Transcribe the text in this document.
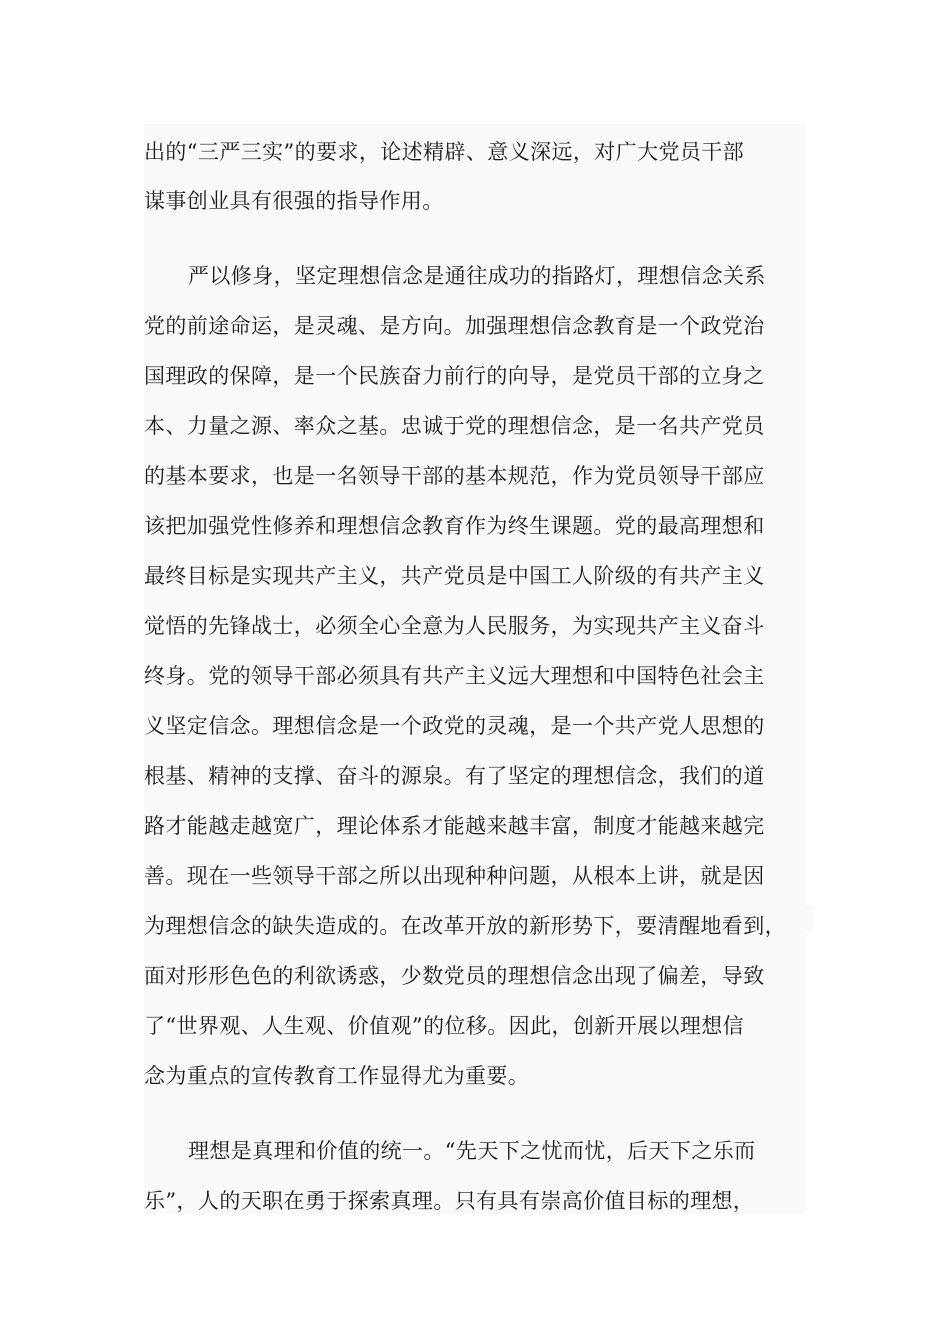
出的“三严三实”的要求，论述精辟、意义深远，对广大党员干部
谋事创业具有很强的指导作用。
严以修身，坚定理想信念是通往成功的指路灯，理想信念关系
党的前途命运，是灵魂、是方向。加强理想信念教育是一个政党治
国理政的保障，是一个民族奋力前行的向导，是党员干部的立身之
本、力量之源、率众之基。忠诚于党的理想信念，是一名共产党员
的基本要求，也是一名领导干部的基本规范，作为党员领导干部应
该把加强党性修养和理想信念教育作为终生课题。党的最高理想和
最终目标是实现共产主义，共产党员是中国工人阶级的有共产主义
觉悟的先锋战士，必须全心全意为人民服务，为实现共产主义奋斗
终身。党的领导干部必须具有共产主义远大理想和中国特色社会主
义坚定信念。理想信念是一个政党的灵魂，是一个共产党人思想的
根基、精神的支撑、奋斗的源泉。有了坚定的理想信念，我们的道
路才能越走越宽广，理论体系才能越来越丰富，制度才能越来越完
善。现在一些领导干部之所以出现种种问题，从根本上讲，就是因
为理想信念的缺失造成的。在改革开放的新形势下，要清醒地看到，
面对形形色色的利欲诱惑，少数党员的理想信念出现了偏差，导致
了“世界观、人生观、价值观”的位移。因此，创新开展以理想信
念为重点的宣传教育工作显得尤为重要。
理想是真理和价值的统一。“先天下之忧而忧，后天下之乐而
乐”，人的天职在勇于探索真理。只有具有崇高价值目标的理想，
